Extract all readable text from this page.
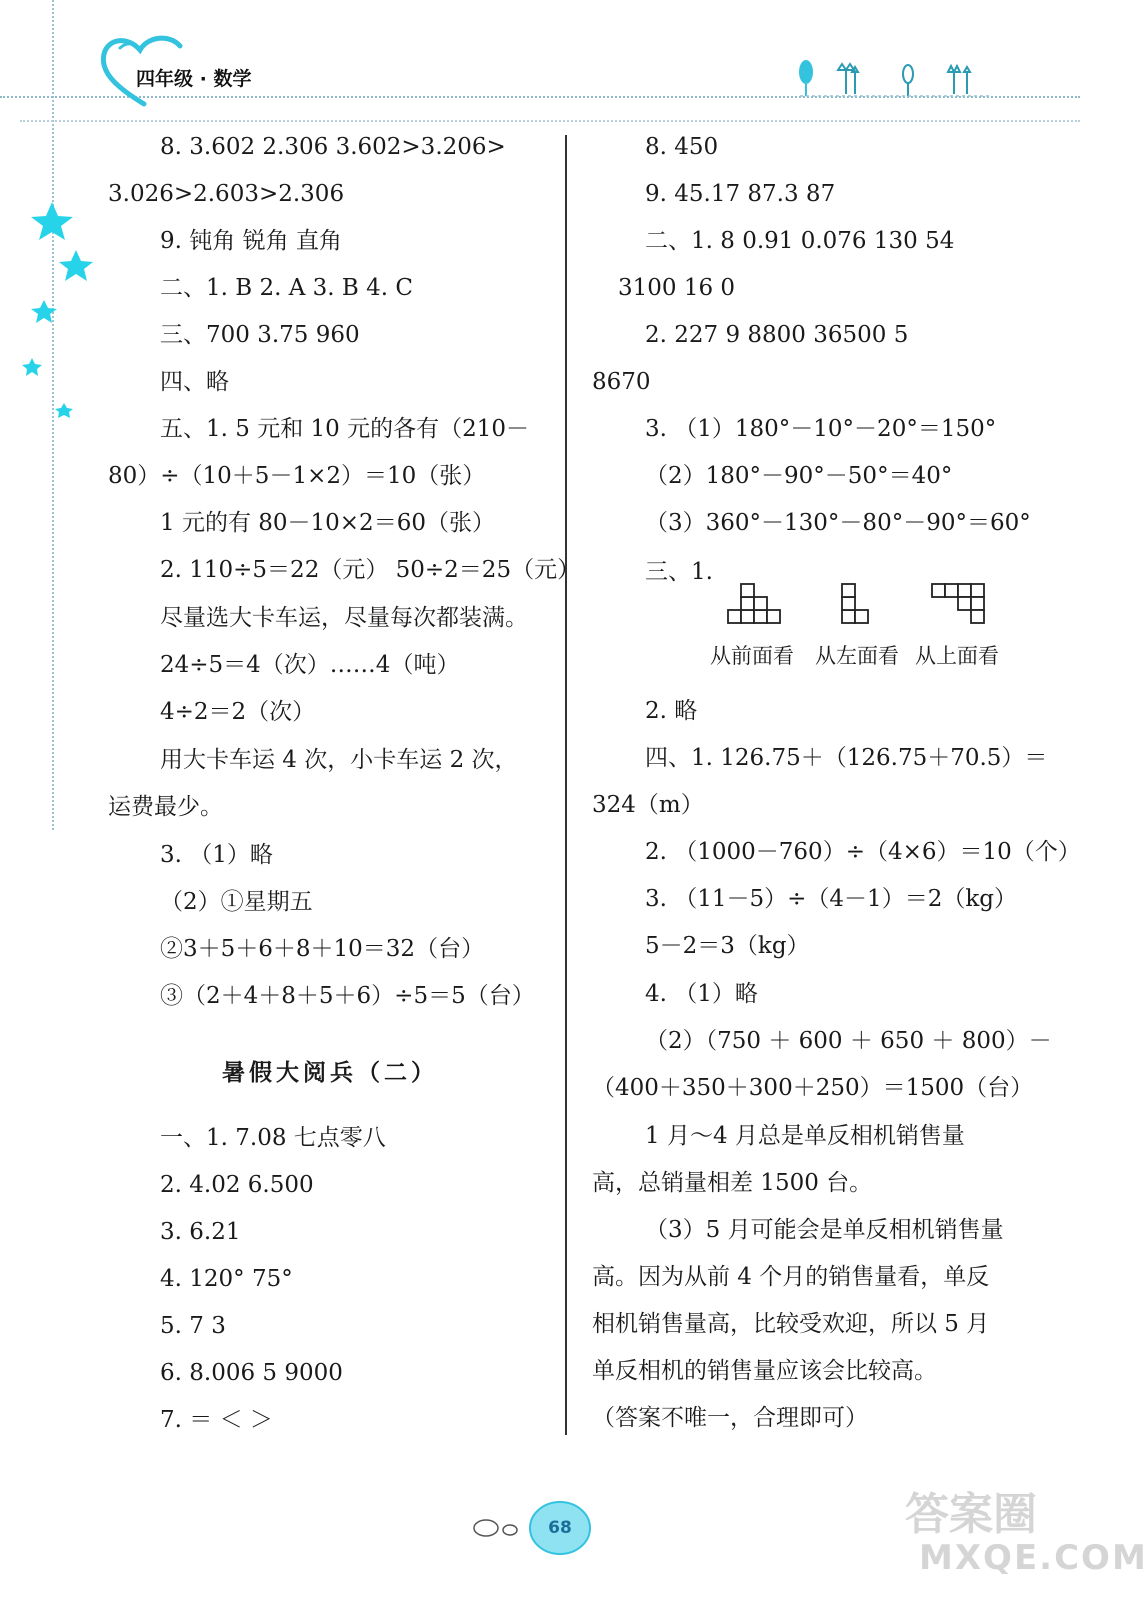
四年级 · 数学
8. 3.602 2.306 3.602>3.206>
3.026>2.603>2.306
9. 钝角 锐角 直角
二、1. B 2. A 3. B 4. C
三、700 3.75 960
四、略
五、1. 5 元和 10 元的各有（210－
80）÷（10＋5－1×2）＝10（张）
1 元的有 80－10×2＝60（张）
2. 110÷5＝22（元） 50÷2＝25（元）
尽量选大卡车运，尽量每次都装满。
24÷5＝4（次）……4（吨）
4÷2＝2（次）
用大卡车运 4 次，小卡车运 2 次，
运费最少。
3. （1）略
（2）①星期五
②3＋5＋6＋8＋10＝32（台）
③（2＋4＋8＋5＋6）÷5＝5（台）
暑假大阅兵（二）
一、1. 7.08 七点零八
2. 4.02 6.500
3. 6.21
4. 120° 75°
5. 7 3
6. 8.006 5 9000
7. ＝ ＜ ＞
8. 450
9. 45.17 87.3 87
二、1. 8 0.91 0.076 130 54
3100 16 0
2. 227 9 8800 36500 5
8670
3. （1）180°－10°－20°＝150°
（2）180°－90°－50°＝40°
（3）360°－130°－80°－90°＝60°
三、1.
从前面看 从左面看 从上面看
2. 略
四、1. 126.75＋（126.75＋70.5）＝
324（m）
2. （1000－760）÷（4×6）＝10（个）
3. （11－5）÷（4－1）＝2（kg）
5－2＝3（kg）
4. （1）略
（2）（750 ＋ 600 ＋ 650 ＋ 800）－
（400＋350＋300＋250）＝1500（台）
1 月～4 月总是单反相机销售量
高，总销量相差 1500 台。
（3）5 月可能会是单反相机销售量
高。因为从前 4 个月的销售量看，单反
相机销售量高，比较受欢迎，所以 5 月
单反相机的销售量应该会比较高。
（答案不唯一，合理即可）
68	答案圈
MXQE.COM
